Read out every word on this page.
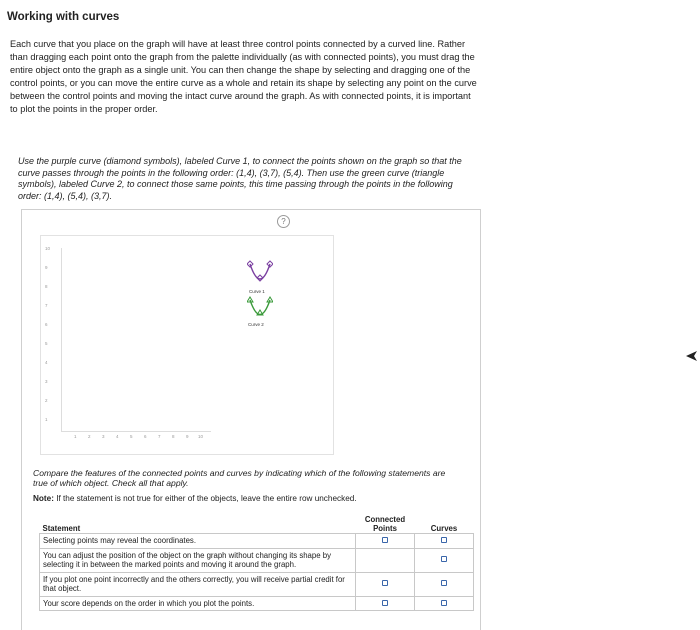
Working with curves

Each curve that you place on the graph will have at least three control points connected by a curved line. Rather than dragging each point onto the graph from the palette individually (as with connected points), you must drag the entire object onto the graph as a single unit. You can then change the shape by selecting and dragging one of the control points, or you can move the entire curve as a whole and retain its shape by selecting any point on the curve between the control points and moving the intact curve around the graph. As with connected points, it is important to plot the points in the proper order.

Use the purple curve (diamond symbols), labeled Curve 1, to connect the points shown on the graph so that the curve passes through the points in the following order: (1,4), (3,7), (5,4). Then use the green curve (triangle symbols), labeled Curve 2, to connect those same points, this time passing through the points in the following order: (1,4), (5,4), (3,7).
?
10
9
8
7
6
5
4
3
2
1
1	2	3	4	5	6	7	8	9 10
Curve 1
Curve 2
Compare the features of the connected points and curves by indicating which of the following statements are true of which object. Check all that apply.
Note: If the statement is not true for either of the objects, leave the entire row unchecked.
Statement	Connected Points	Curves
Selecting points may reveal the coordinates.		
You can adjust the position of the object on the graph without changing its shape by selecting it in between the marked points and moving it around the graph.		
If you plot one point incorrectly and the others correctly, you will receive partial credit for that object.		
Your score depends on the order in which you plot the points.		
